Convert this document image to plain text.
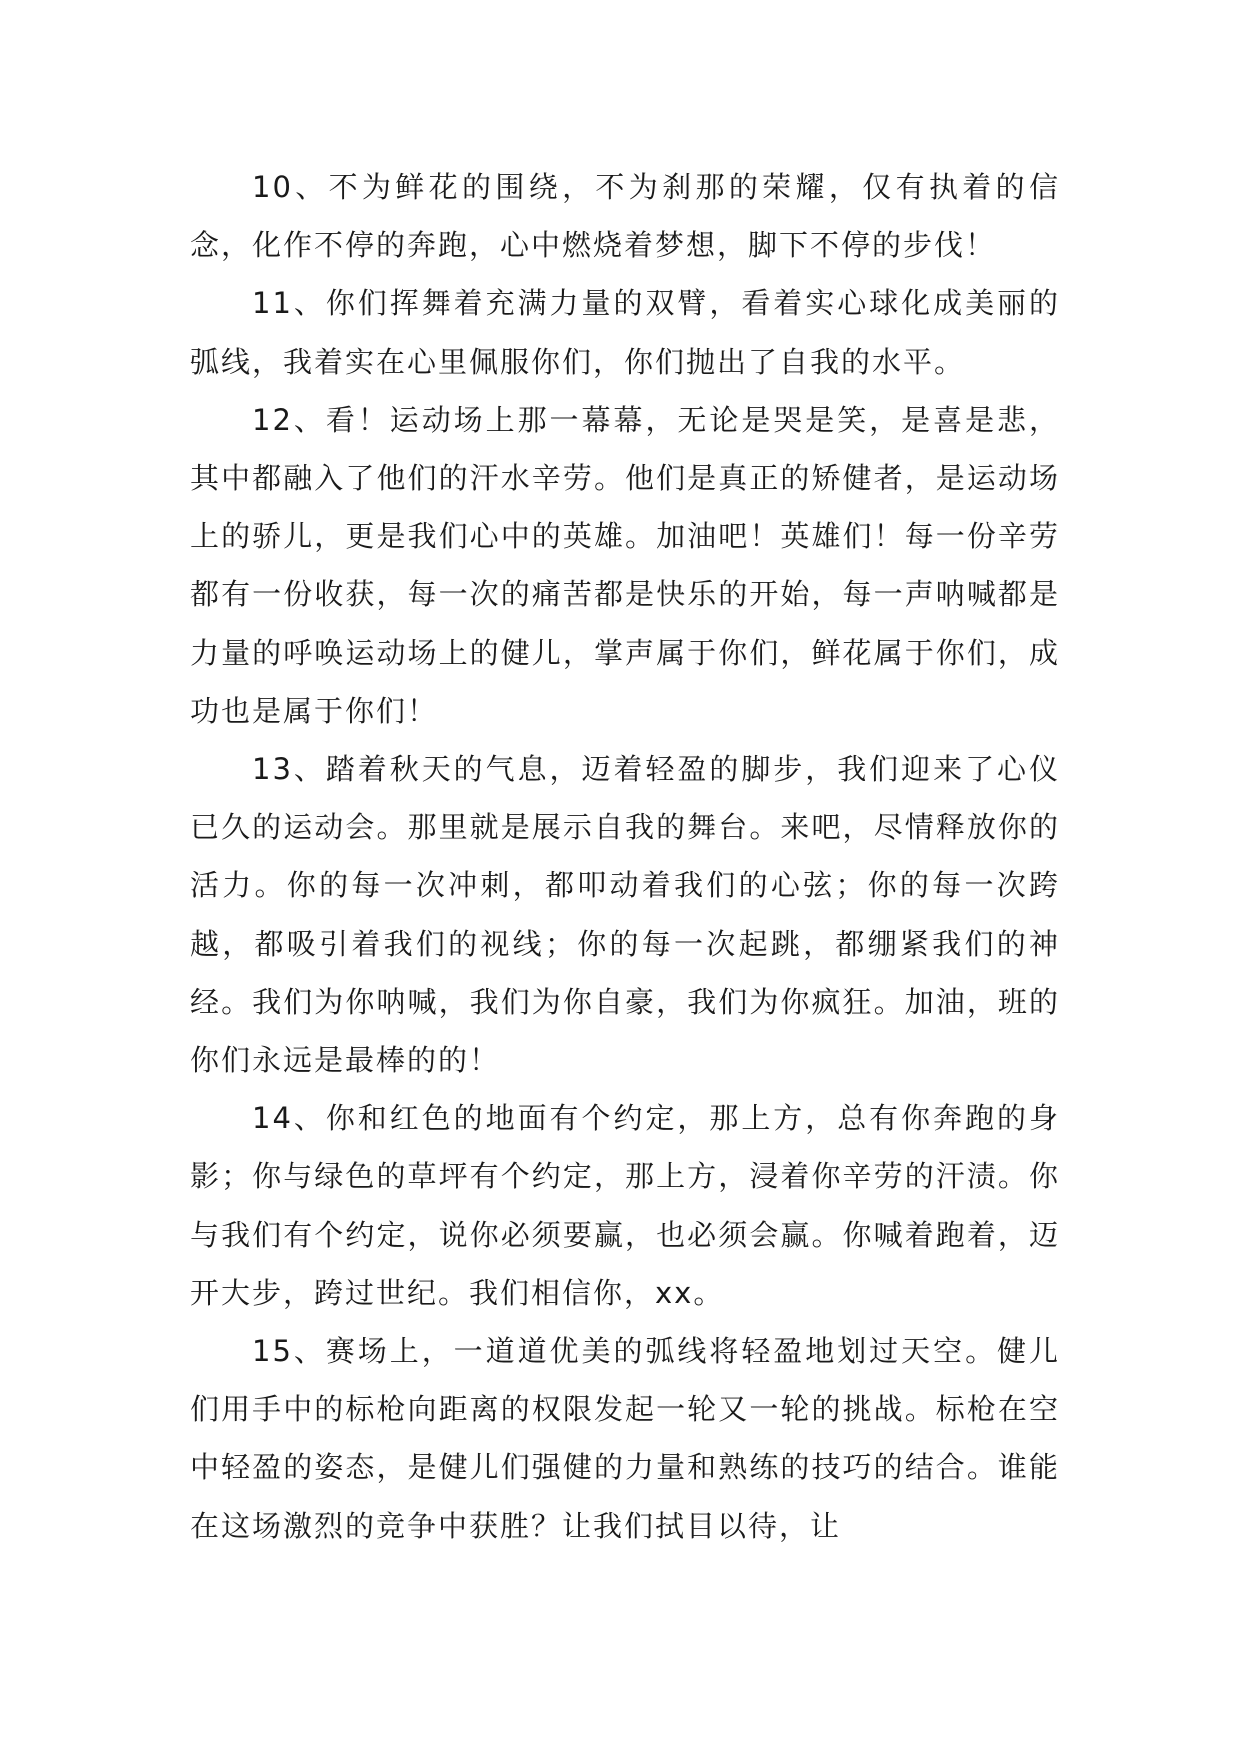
10、不为鲜花的围绕，不为刹那的荣耀，仅有执着的信念，化作不停的奔跑，心中燃烧着梦想，脚下不停的步伐！

11、你们挥舞着充满力量的双臂，看着实心球化成美丽的弧线，我着实在心里佩服你们，你们抛出了自我的水平。

12、看！运动场上那一幕幕，无论是哭是笑，是喜是悲，其中都融入了他们的汗水辛劳。他们是真正的矫健者，是运动场上的骄儿，更是我们心中的英雄。加油吧！英雄们！每一份辛劳都有一份收获，每一次的痛苦都是快乐的开始，每一声呐喊都是力量的呼唤运动场上的健儿，掌声属于你们，鲜花属于你们，成功也是属于你们！

13、踏着秋天的气息，迈着轻盈的脚步，我们迎来了心仪已久的运动会。那里就是展示自我的舞台。来吧，尽情释放你的活力。你的每一次冲刺，都叩动着我们的心弦；你的每一次跨越，都吸引着我们的视线；你的每一次起跳，都绷紧我们的神经。我们为你呐喊，我们为你自豪，我们为你疯狂。加油，班的你们永远是最棒的的！

14、你和红色的地面有个约定，那上方，总有你奔跑的身影；你与绿色的草坪有个约定，那上方，浸着你辛劳的汗渍。你与我们有个约定，说你必须要赢，也必须会赢。你喊着跑着，迈开大步，跨过世纪。我们相信你，xx。

15、赛场上，一道道优美的弧线将轻盈地划过天空。健儿们用手中的标枪向距离的权限发起一轮又一轮的挑战。标枪在空中轻盈的姿态，是健儿们强健的力量和熟练的技巧的结合。谁能在这场激烈的竞争中获胜？让我们拭目以待，让
